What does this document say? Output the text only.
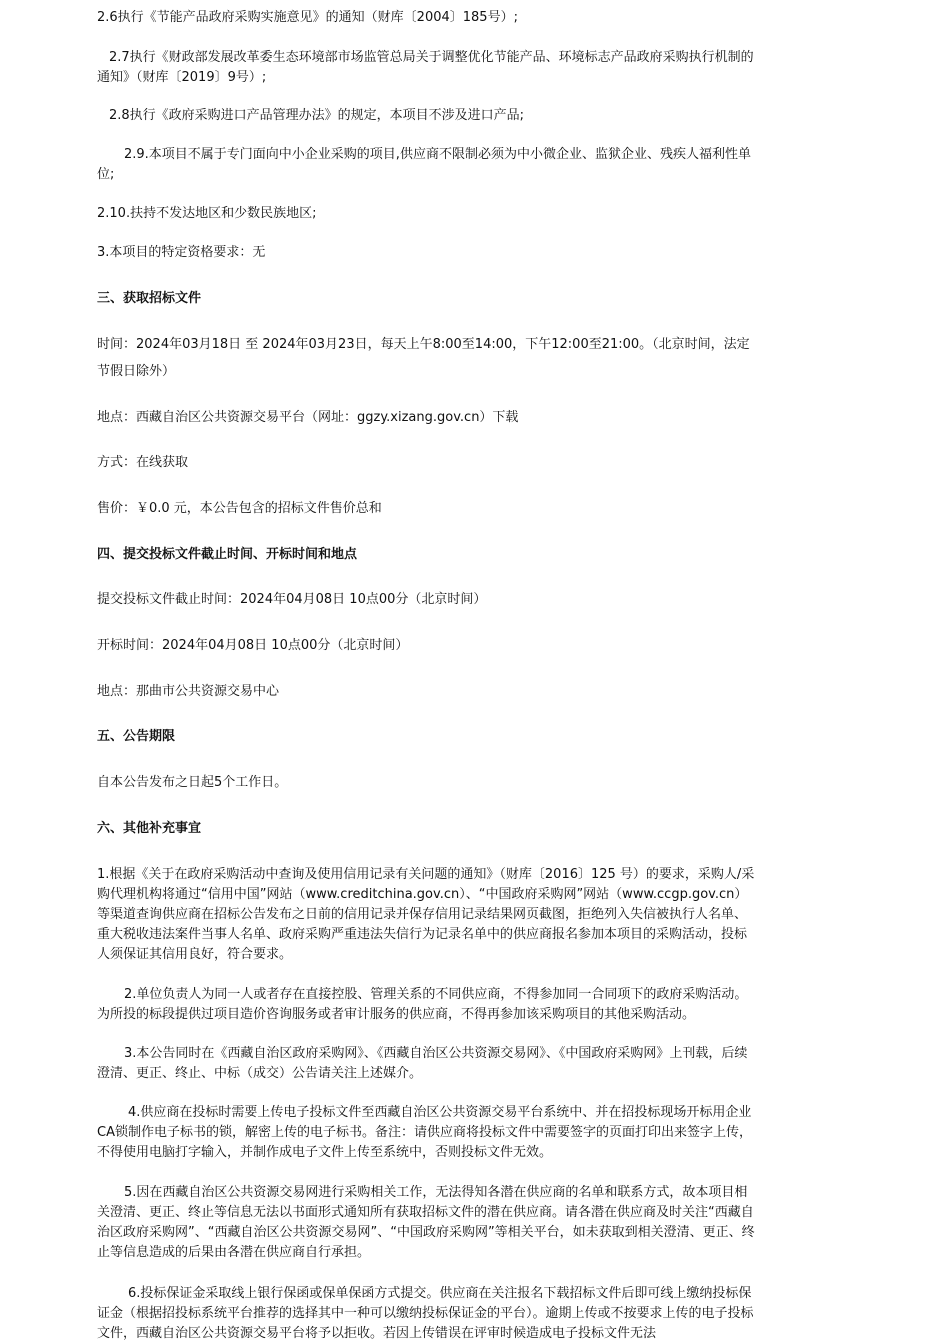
2.6执行《节能产品政府采购实施意见》的通知（财库〔2004〕185号）;

2.7执行《财政部发展改革委生态环境部市场监管总局关于调整优化节能产品、环境标志产品政府采购执行机制的通知》（财库〔2019〕9号）;

2.8执行《政府采购进口产品管理办法》的规定，本项目不涉及进口产品;

2.9.本项目不属于专门面向中小企业采购的项目,供应商不限制必须为中小微企业、监狱企业、残疾人福利性单位;

2.10.扶持不发达地区和少数民族地区;

3.本项目的特定资格要求：无

三、获取招标文件

时间：2024年03月18日 至 2024年03月23日，每天上午8:00至14:00，下午12:00至21:00。（北京时间，法定节假日除外）

地点：西藏自治区公共资源交易平台（网址：ggzy.xizang.gov.cn）下载

方式：在线获取

售价：￥0.0 元，本公告包含的招标文件售价总和

四、提交投标文件截止时间、开标时间和地点

提交投标文件截止时间：2024年04月08日 10点00分（北京时间）

开标时间：2024年04月08日 10点00分（北京时间）

地点：那曲市公共资源交易中心

五、公告期限

自本公告发布之日起5个工作日。

六、其他补充事宜

1.根据《关于在政府采购活动中查询及使用信用记录有关问题的通知》（财库〔2016〕125 号）的要求，采购人/采购代理机构将通过“信用中国”网站（www.creditchina.gov.cn）、“中国政府采购网”网站（www.ccgp.gov.cn）等渠道查询供应商在招标公告发布之日前的信用记录并保存信用记录结果网页截图，拒绝列入失信被执行人名单、重大税收违法案件当事人名单、政府采购严重违法失信行为记录名单中的供应商报名参加本项目的采购活动，投标人须保证其信用良好，符合要求。

2.单位负责人为同一人或者存在直接控股、管理关系的不同供应商，不得参加同一合同项下的政府采购活动。为所投的标段提供过项目造价咨询服务或者审计服务的供应商，不得再参加该采购项目的其他采购活动。

3.本公告同时在《西藏自治区政府采购网》、《西藏自治区公共资源交易网》、《中国政府采购网》上刊载，后续澄清、更正、终止、中标（成交）公告请关注上述媒介。

4.供应商在投标时需要上传电子投标文件至西藏自治区公共资源交易平台系统中、并在招投标现场开标用企业CA锁制作电子标书的锁，解密上传的电子标书。备注：请供应商将投标文件中需要签字的页面打印出来签字上传，不得使用电脑打字输入，并制作成电子文件上传至系统中，否则投标文件无效。

5.因在西藏自治区公共资源交易网进行采购相关工作，无法得知各潜在供应商的名单和联系方式，故本项目相关澄清、更正、终止等信息无法以书面形式通知所有获取招标文件的潜在供应商。请各潜在供应商及时关注“西藏自治区政府采购网”、“西藏自治区公共资源交易网”、“中国政府采购网”等相关平台，如未获取到相关澄清、更正、终止等信息造成的后果由各潜在供应商自行承担。

6.投标保证金采取线上银行保函或保单保函方式提交。供应商在关注报名下载招标文件后即可线上缴纳投标保证金（根据招投标系统平台推荐的选择其中一种可以缴纳投标保证金的平台）。逾期上传或不按要求上传的电子投标文件，西藏自治区公共资源交易平台将予以拒收。若因上传错误在评审时候造成电子投标文件无法
